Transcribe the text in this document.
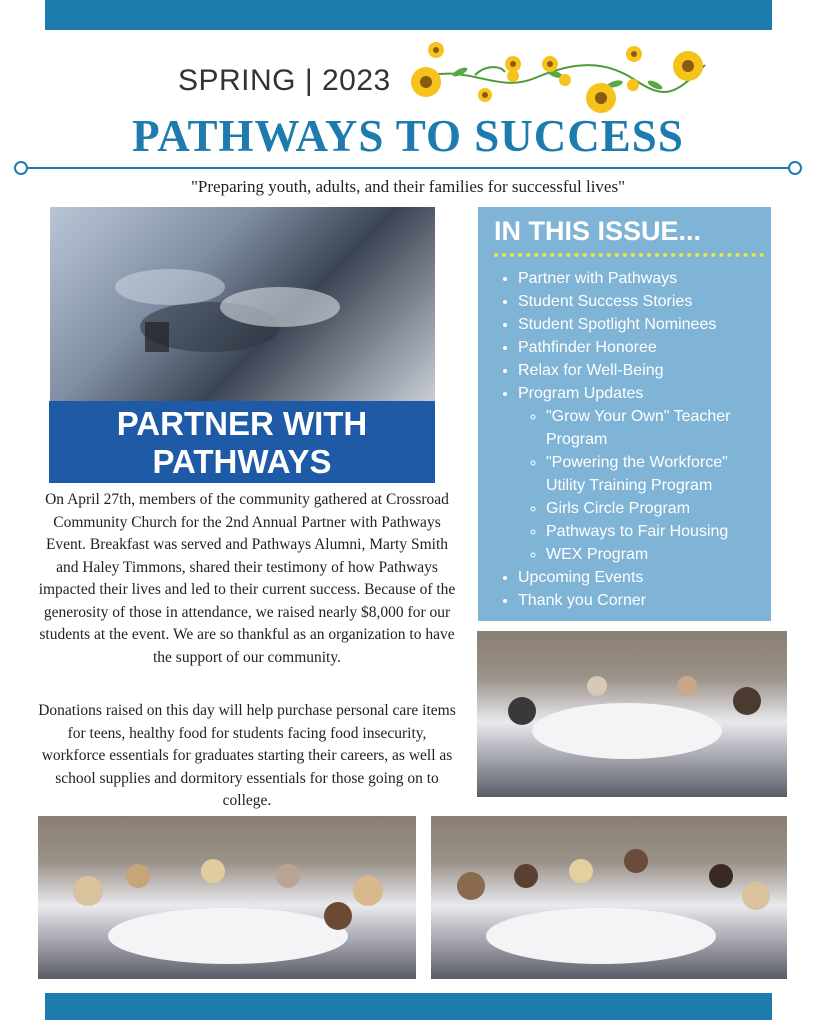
SPRING | 2023
PATHWAYS TO SUCCESS
"Preparing youth, adults, and their families for successful lives"
PARTNER WITH
PATHWAYS

On April 27th, members of the community gathered at Crossroad Community Church for the 2nd Annual Partner with Pathways Event. Breakfast was served and Pathways Alumni, Marty Smith and Haley Timmons, shared their testimony of how Pathways impacted their lives and led to their current success. Because of the generosity of those in attendance, we raised nearly $8,000 for our students at the event. We are so thankful as an organization to have the support of our community.

Donations raised on this day will help purchase personal care items for teens, healthy food for students facing food insecurity, workforce essentials for graduates starting their careers, as well as school supplies and dormitory essentials for those going on to college.

IN THIS ISSUE...
• Partner with Pathways
• Student Success Stories
• Student Spotlight Nominees
• Pathfinder Honoree
• Relax for Well-Being
• Program Updates
◦ "Grow Your Own" Teacher Program
◦ "Powering the Workforce" Utility Training Program
◦ Girls Circle Program
◦ Pathways to Fair Housing
◦ WEX Program
• Upcoming Events
• Thank you Corner
